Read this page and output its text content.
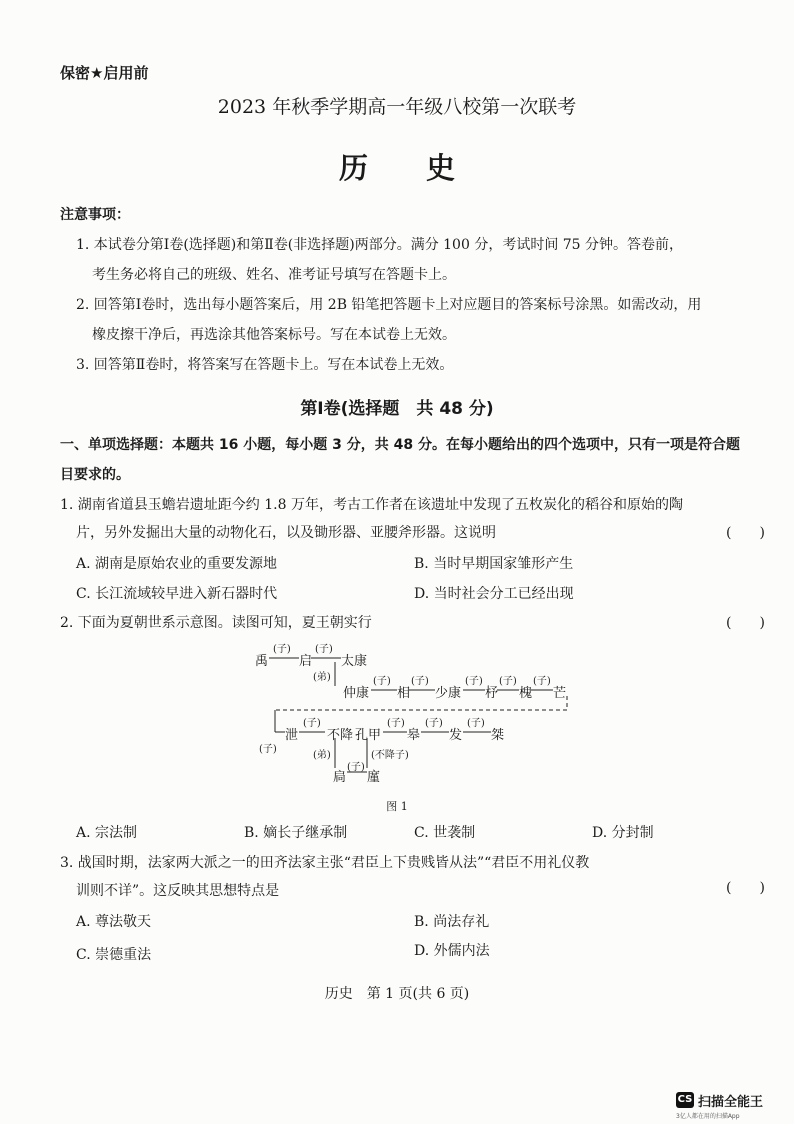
保密★启用前
2023 年秋季学期高一年级八校第一次联考
历史
注意事项：
1. 本试卷分第Ⅰ卷(选择题)和第Ⅱ卷(非选择题)两部分。满分 100 分，考试时间 75 分钟。答卷前，
考生务必将自己的班级、姓名、准考证号填写在答题卡上。
2. 回答第Ⅰ卷时，选出每小题答案后，用 2B 铅笔把答题卡上对应题目的答案标号涂黑。如需改动，用
橡皮擦干净后，再选涂其他答案标号。写在本试卷上无效。
3. 回答第Ⅱ卷时，将答案写在答题卡上。写在本试卷上无效。
第Ⅰ卷(选择题　共 48 分)
一、单项选择题：本题共 16 小题，每小题 3 分，共 48 分。在每小题给出的四个选项中，只有一项是符合题
目要求的。
1. 湖南省道县玉蟾岩遗址距今约 1.8 万年，考古工作者在该遗址中发现了五枚炭化的稻谷和原始的陶
片，另外发掘出大量的动物化石，以及锄形器、亚腰斧形器。这说明	(　　)
A. 湖南是原始农业的重要发源地	B. 当时早期国家雏形产生
C. 长江流域较早进入新石器时代	D. 当时社会分工已经出现
2. 下面为夏朝世系示意图。读图可知，夏王朝实行	(　　)
禹
(子)
启
(子)
太康
(弟)
仲康
(子)
相
(子)
少康
(子)
杼
(子)
槐
(子)
芒
(子)
泄
(子)
不降 孔甲
(子)
皋
(子)
发
(子)
桀
(弟)	(不降子)
扃
(子)
廑
图 1
A. 宗法制	B. 嫡长子继承制	C. 世袭制	D. 分封制
3. 战国时期，法家两大派之一的田齐法家主张“君臣上下贵贱皆从法”“君臣不用礼仪教
训则不详”。这反映其思想特点是	(　　)
A. 尊法敬天	B. 尚法存礼
C. 崇德重法	D. 外儒内法
历史　第 1 页(共 6 页)
CS 扫描全能王
3亿人都在用的扫描App
